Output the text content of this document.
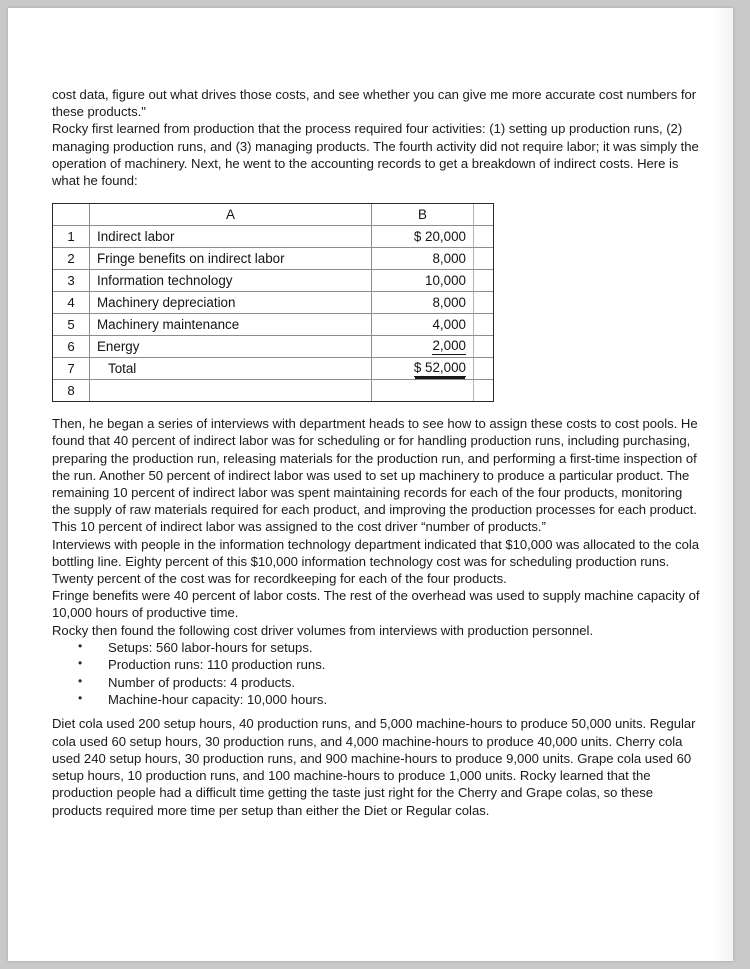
cost data, figure out what drives those costs, and see whether you can give me more accurate cost numbers for these products."

Rocky first learned from production that the process required four activities: (1) setting up production runs, (2) managing production runs, and (3) managing products. The fourth activity did not require labor; it was simply the operation of machinery. Next, he went to the accounting records to get a breakdown of indirect costs. Here is what he found:

	A	B	
1	Indirect labor	$ 20,000	
2	Fringe benefits on indirect labor	8,000	
3	Information technology	10,000	
4	Machinery depreciation	8,000	
5	Machinery maintenance	4,000	
6	Energy	2,000	
7	Total	$ 52,000	
8			

Then, he began a series of interviews with department heads to see how to assign these costs to cost pools. He found that 40 percent of indirect labor was for scheduling or for handling production runs, including purchasing, preparing the production run, releasing materials for the production run, and performing a first-time inspection of the run. Another 50 percent of indirect labor was used to set up machinery to produce a particular product. The remaining 10 percent of indirect labor was spent maintaining records for each of the four products, monitoring the supply of raw materials required for each product, and improving the production processes for each product. This 10 percent of indirect labor was assigned to the cost driver “number of products.”

Interviews with people in the information technology department indicated that $10,000 was allocated to the cola bottling line. Eighty percent of this $10,000 information technology cost was for scheduling production runs. Twenty percent of the cost was for recordkeeping for each of the four products.

Fringe benefits were 40 percent of labor costs. The rest of the overhead was used to supply machine capacity of 10,000 hours of productive time.

Rocky then found the following cost driver volumes from interviews with production personnel.

• Setups: 560 labor-hours for setups.
• Production runs: 110 production runs.
• Number of products: 4 products.
• Machine-hour capacity: 10,000 hours.

Diet cola used 200 setup hours, 40 production runs, and 5,000 machine-hours to produce 50,000 units. Regular cola used 60 setup hours, 30 production runs, and 4,000 machine-hours to produce 40,000 units. Cherry cola used 240 setup hours, 30 production runs, and 900 machine-hours to produce 9,000 units. Grape cola used 60 setup hours, 10 production runs, and 100 machine-hours to produce 1,000 units. Rocky learned that the production people had a difficult time getting the taste just right for the Cherry and Grape colas, so these products required more time per setup than either the Diet or Regular colas.
